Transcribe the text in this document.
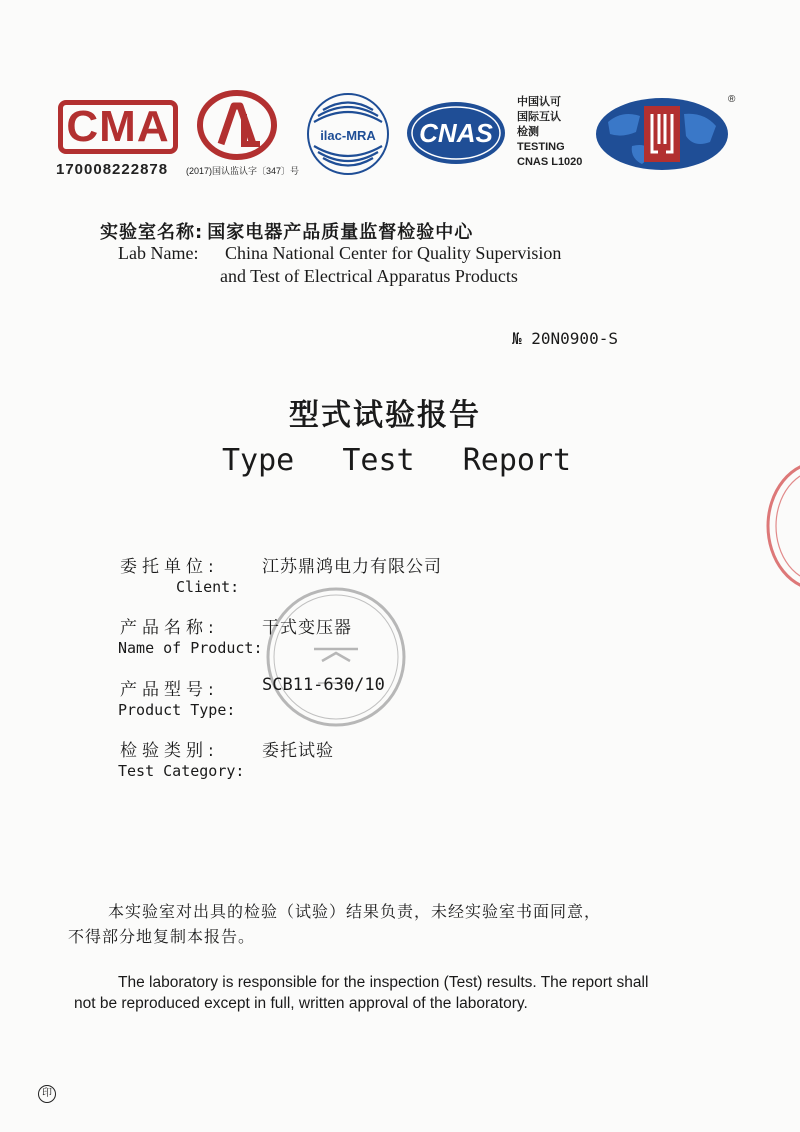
CMA
170008222878 (2017)国认监认字〔347〕号
ilac-MRA CNAS
中国认可
国际互认
检测
TESTING
CNAS L1020
®
实验室名称: 国家电器产品质量监督检验中心
Lab Name: China National Center for Quality Supervision
and Test of Electrical Apparatus Products
№ 20N0900-S
型式试验报告
Type  Test  Report
委托单位:	江苏鼎鸿电力有限公司
Client:
产品名称:	干式变压器
Name of Product:
产品型号:	SCB11-630/10
Product Type:
检验类别:	委托试验
Test Category:
本实验室对出具的检验（试验）结果负责，未经实验室书面同意，
不得部分地复制本报告。
The laboratory is responsible for the inspection (Test) results. The report shall
not be reproduced except in full, written approval of the laboratory.
印
